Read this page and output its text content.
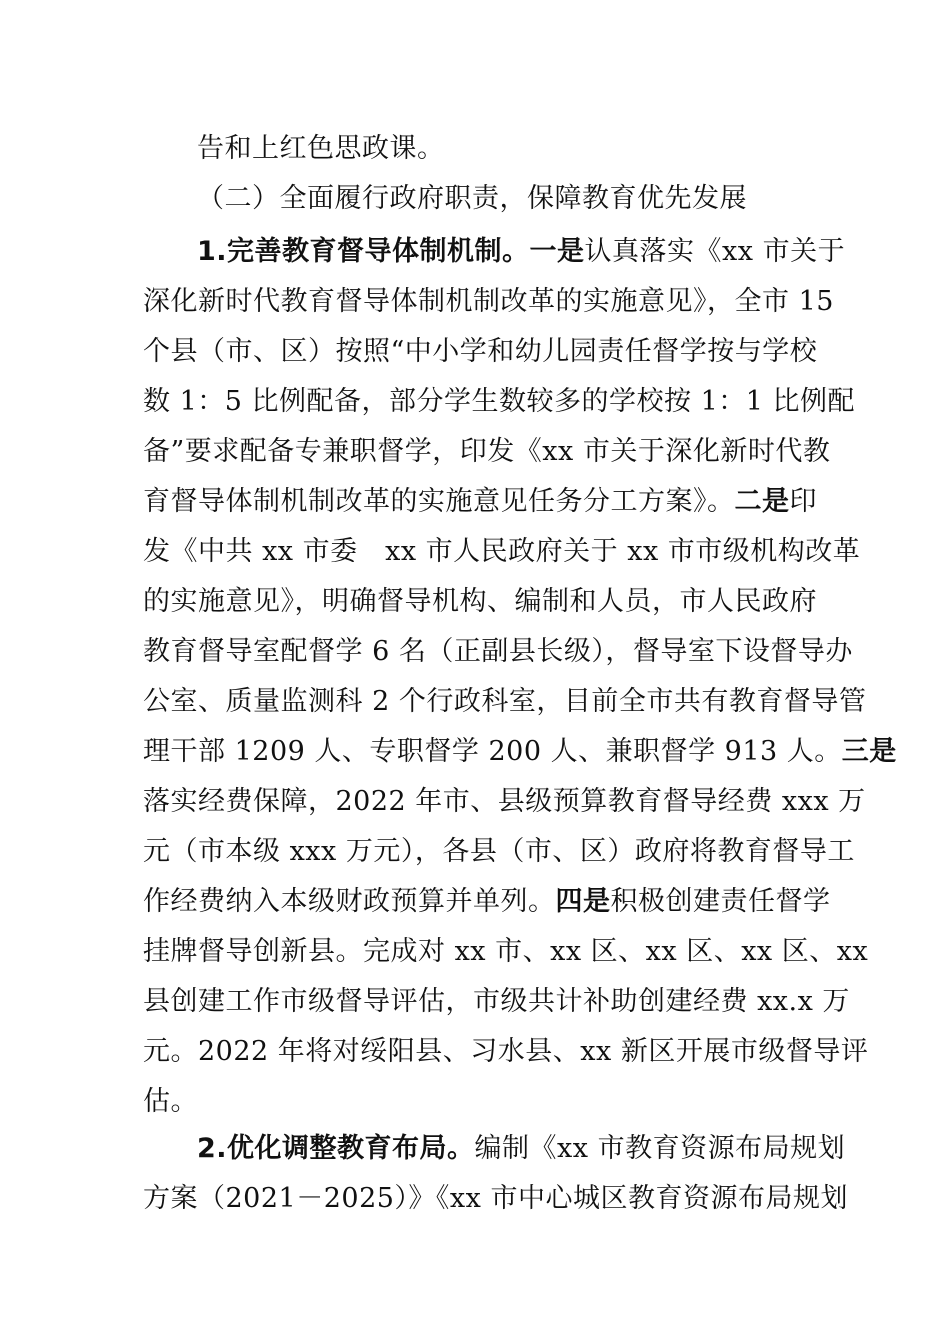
告和上红色思政课。
（二）全面履行政府职责，保障教育优先发展
1.完善教育督导体制机制。一是认真落实《xx 市关于
深化新时代教育督导体制机制改革的实施意见》，全市 15
个县（市、区）按照“中小学和幼儿园责任督学按与学校
数 1：5 比例配备，部分学生数较多的学校按 1：1 比例配
备”要求配备专兼职督学，印发《xx 市关于深化新时代教
育督导体制机制改革的实施意见任务分工方案》。二是印
发《中共 xx 市委　xx 市人民政府关于 xx 市市级机构改革
的实施意见》，明确督导机构、编制和人员，市人民政府
教育督导室配督学 6 名（正副县长级），督导室下设督导办
公室、质量监测科 2 个行政科室，目前全市共有教育督导管
理干部 1209 人、专职督学 200 人、兼职督学 913 人。三是
落实经费保障，2022 年市、县级预算教育督导经费 xxx 万
元（市本级 xxx 万元），各县（市、区）政府将教育督导工
作经费纳入本级财政预算并单列。四是积极创建责任督学
挂牌督导创新县。完成对 xx 市、xx 区、xx 区、xx 区、xx
县创建工作市级督导评估，市级共计补助创建经费 xx.x 万
元。2022 年将对绥阳县、习水县、xx 新区开展市级督导评
估。
2.优化调整教育布局。编制《xx 市教育资源布局规划
方案（2021－2025）》《xx 市中心城区教育资源布局规划
